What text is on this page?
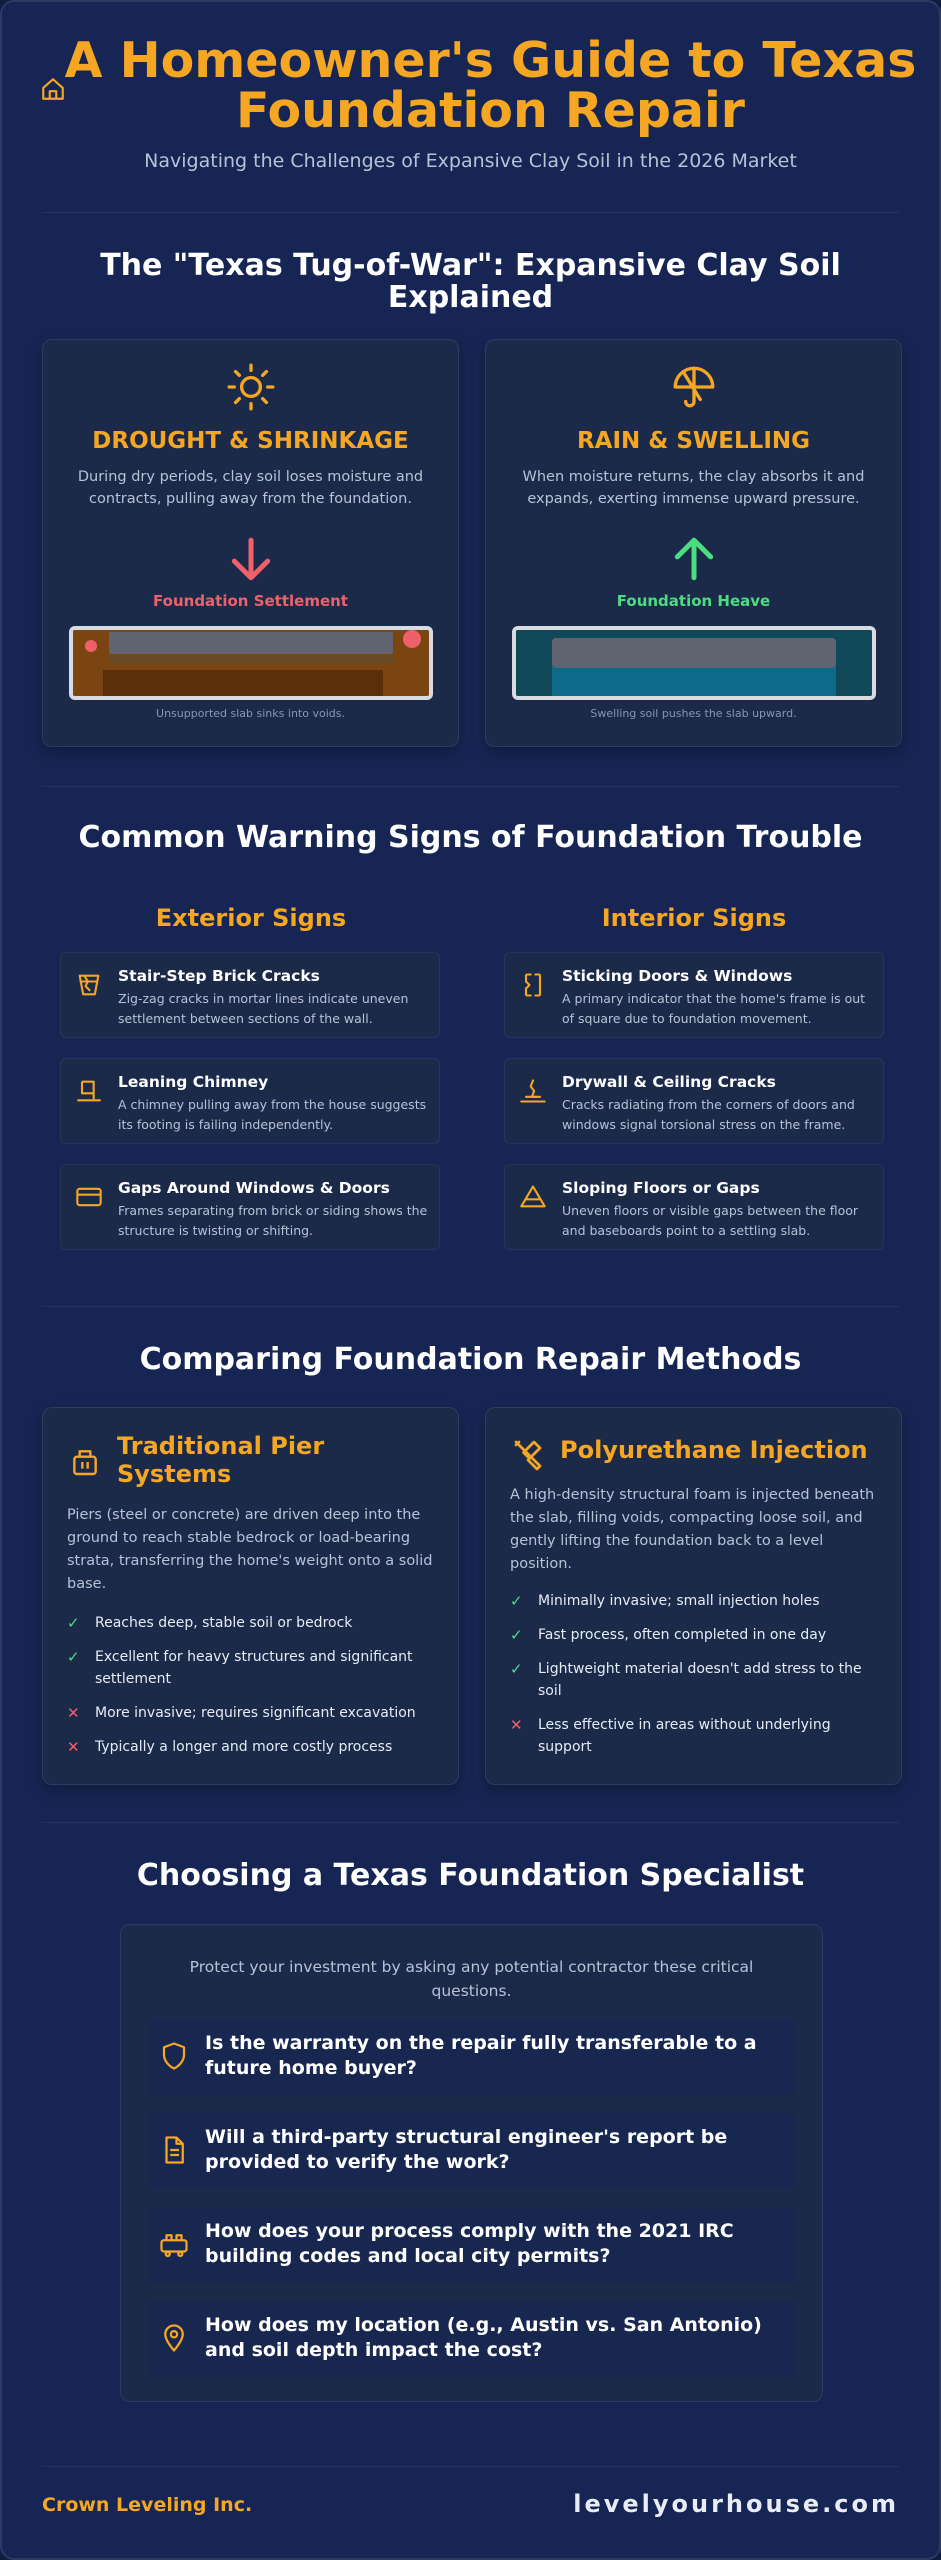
A Homeowner's Guide to Texas Foundation Repair
Navigating the Challenges of Expansive Clay Soil in the 2026 Market
The "Texas Tug-of-War": Expansive Clay Soil Explained
DROUGHT & SHRINKAGE
During dry periods, clay soil loses moisture and contracts, pulling away from the foundation.
Foundation Settlement
Unsupported slab sinks into voids.
RAIN & SWELLING
When moisture returns, the clay absorbs it and expands, exerting immense upward pressure.
Foundation Heave
Swelling soil pushes the slab upward.
Common Warning Signs of Foundation Trouble
Exterior Signs	Interior Signs
Stair-Step Brick Cracks
Zig-zag cracks in mortar lines indicate uneven settlement between sections of the wall.
Leaning Chimney
A chimney pulling away from the house suggests its footing is failing independently.
Gaps Around Windows & Doors
Frames separating from brick or siding shows the structure is twisting or shifting.
Sticking Doors & Windows
A primary indicator that the home's frame is out of square due to foundation movement.
Drywall & Ceiling Cracks
Cracks radiating from the corners of doors and windows signal torsional stress on the frame.
Sloping Floors or Gaps
Uneven floors or visible gaps between the floor and baseboards point to a settling slab.
Comparing Foundation Repair Methods
Traditional Pier Systems
Piers (steel or concrete) are driven deep into the ground to reach stable bedrock or load-bearing strata, transferring the home's weight onto a solid base.
✓ Reaches deep, stable soil or bedrock
✓ Excellent for heavy structures and significant settlement
✕ More invasive; requires significant excavation
✕ Typically a longer and more costly process
Polyurethane Injection
A high-density structural foam is injected beneath the slab, filling voids, compacting loose soil, and gently lifting the foundation back to a level position.
✓ Minimally invasive; small injection holes
✓ Fast process, often completed in one day
✓ Lightweight material doesn't add stress to the soil
✕ Less effective in areas without underlying support
Choosing a Texas Foundation Specialist
Protect your investment by asking any potential contractor these critical questions.
Is the warranty on the repair fully transferable to a future home buyer?
Will a third-party structural engineer's report be provided to verify the work?
How does your process comply with the 2021 IRC building codes and local city permits?
How does my location (e.g., Austin vs. San Antonio) and soil depth impact the cost?
Crown Leveling Inc.	levelyourhouse.com
